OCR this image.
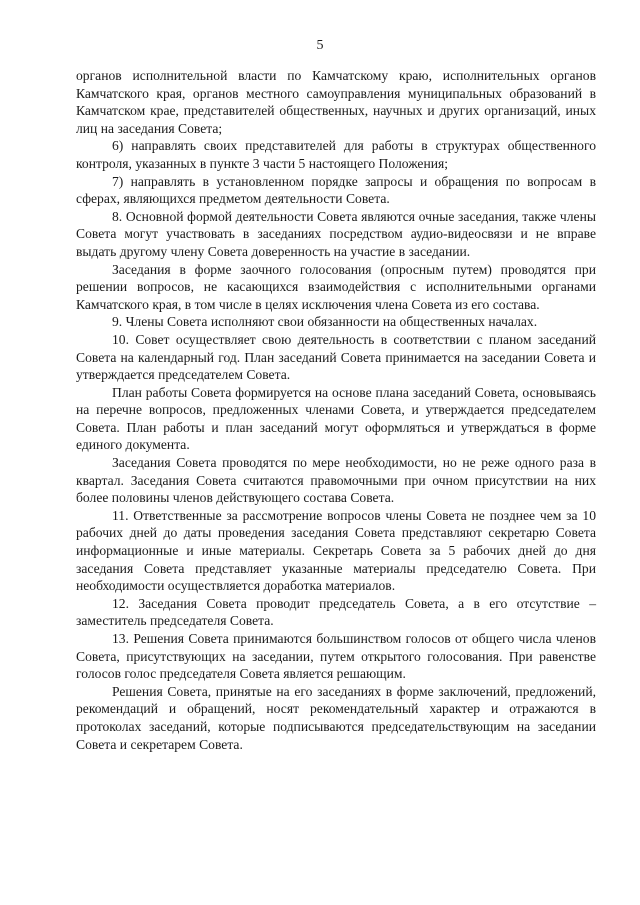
5

органов исполнительной власти по Камчатскому краю, исполнительных органов Камчатского края, органов местного самоуправления муниципальных образований в Камчатском крае, представителей общественных, научных и других организаций, иных лиц на заседания Совета;

6) направлять своих представителей для работы в структурах общественного контроля, указанных в пункте 3 части 5 настоящего Положения;

7) направлять в установленном порядке запросы и обращения по вопросам в сферах, являющихся предметом деятельности Совета.

8. Основной формой деятельности Совета являются очные заседания, также члены Совета могут участвовать в заседаниях посредством аудио-видеосвязи и не вправе выдать другому члену Совета доверенность на участие в заседании.

Заседания в форме заочного голосования (опросным путем) проводятся при решении вопросов, не касающихся взаимодействия с исполнительными органами Камчатского края, в том числе в целях исключения члена Совета из его состава.

9. Члены Совета исполняют свои обязанности на общественных началах.

10. Совет осуществляет свою деятельность в соответствии с планом заседаний Совета на календарный год. План заседаний Совета принимается на заседании Совета и утверждается председателем Совета.

План работы Совета формируется на основе плана заседаний Совета, основываясь на перечне вопросов, предложенных членами Совета, и утверждается председателем Совета. План работы и план заседаний могут оформляться и утверждаться в форме единого документа.

Заседания Совета проводятся по мере необходимости, но не реже одного раза в квартал. Заседания Совета считаются правомочными при очном присутствии на них более половины членов действующего состава Совета.

11. Ответственные за рассмотрение вопросов члены Совета не позднее чем за 10 рабочих дней до даты проведения заседания Совета представляют секретарю Совета информационные и иные материалы. Секретарь Совета за 5 рабочих дней до дня заседания Совета представляет указанные материалы председателю Совета. При необходимости осуществляется доработка материалов.

12. Заседания Совета проводит председатель Совета, а в его отсутствие – заместитель председателя Совета.

13. Решения Совета принимаются большинством голосов от общего числа членов Совета, присутствующих на заседании, путем открытого голосования. При равенстве голосов голос председателя Совета является решающим.

Решения Совета, принятые на его заседаниях в форме заключений, предложений, рекомендаций и обращений, носят рекомендательный характер и отражаются в протоколах заседаний, которые подписываются председательствующим на заседании Совета и секретарем Совета.
